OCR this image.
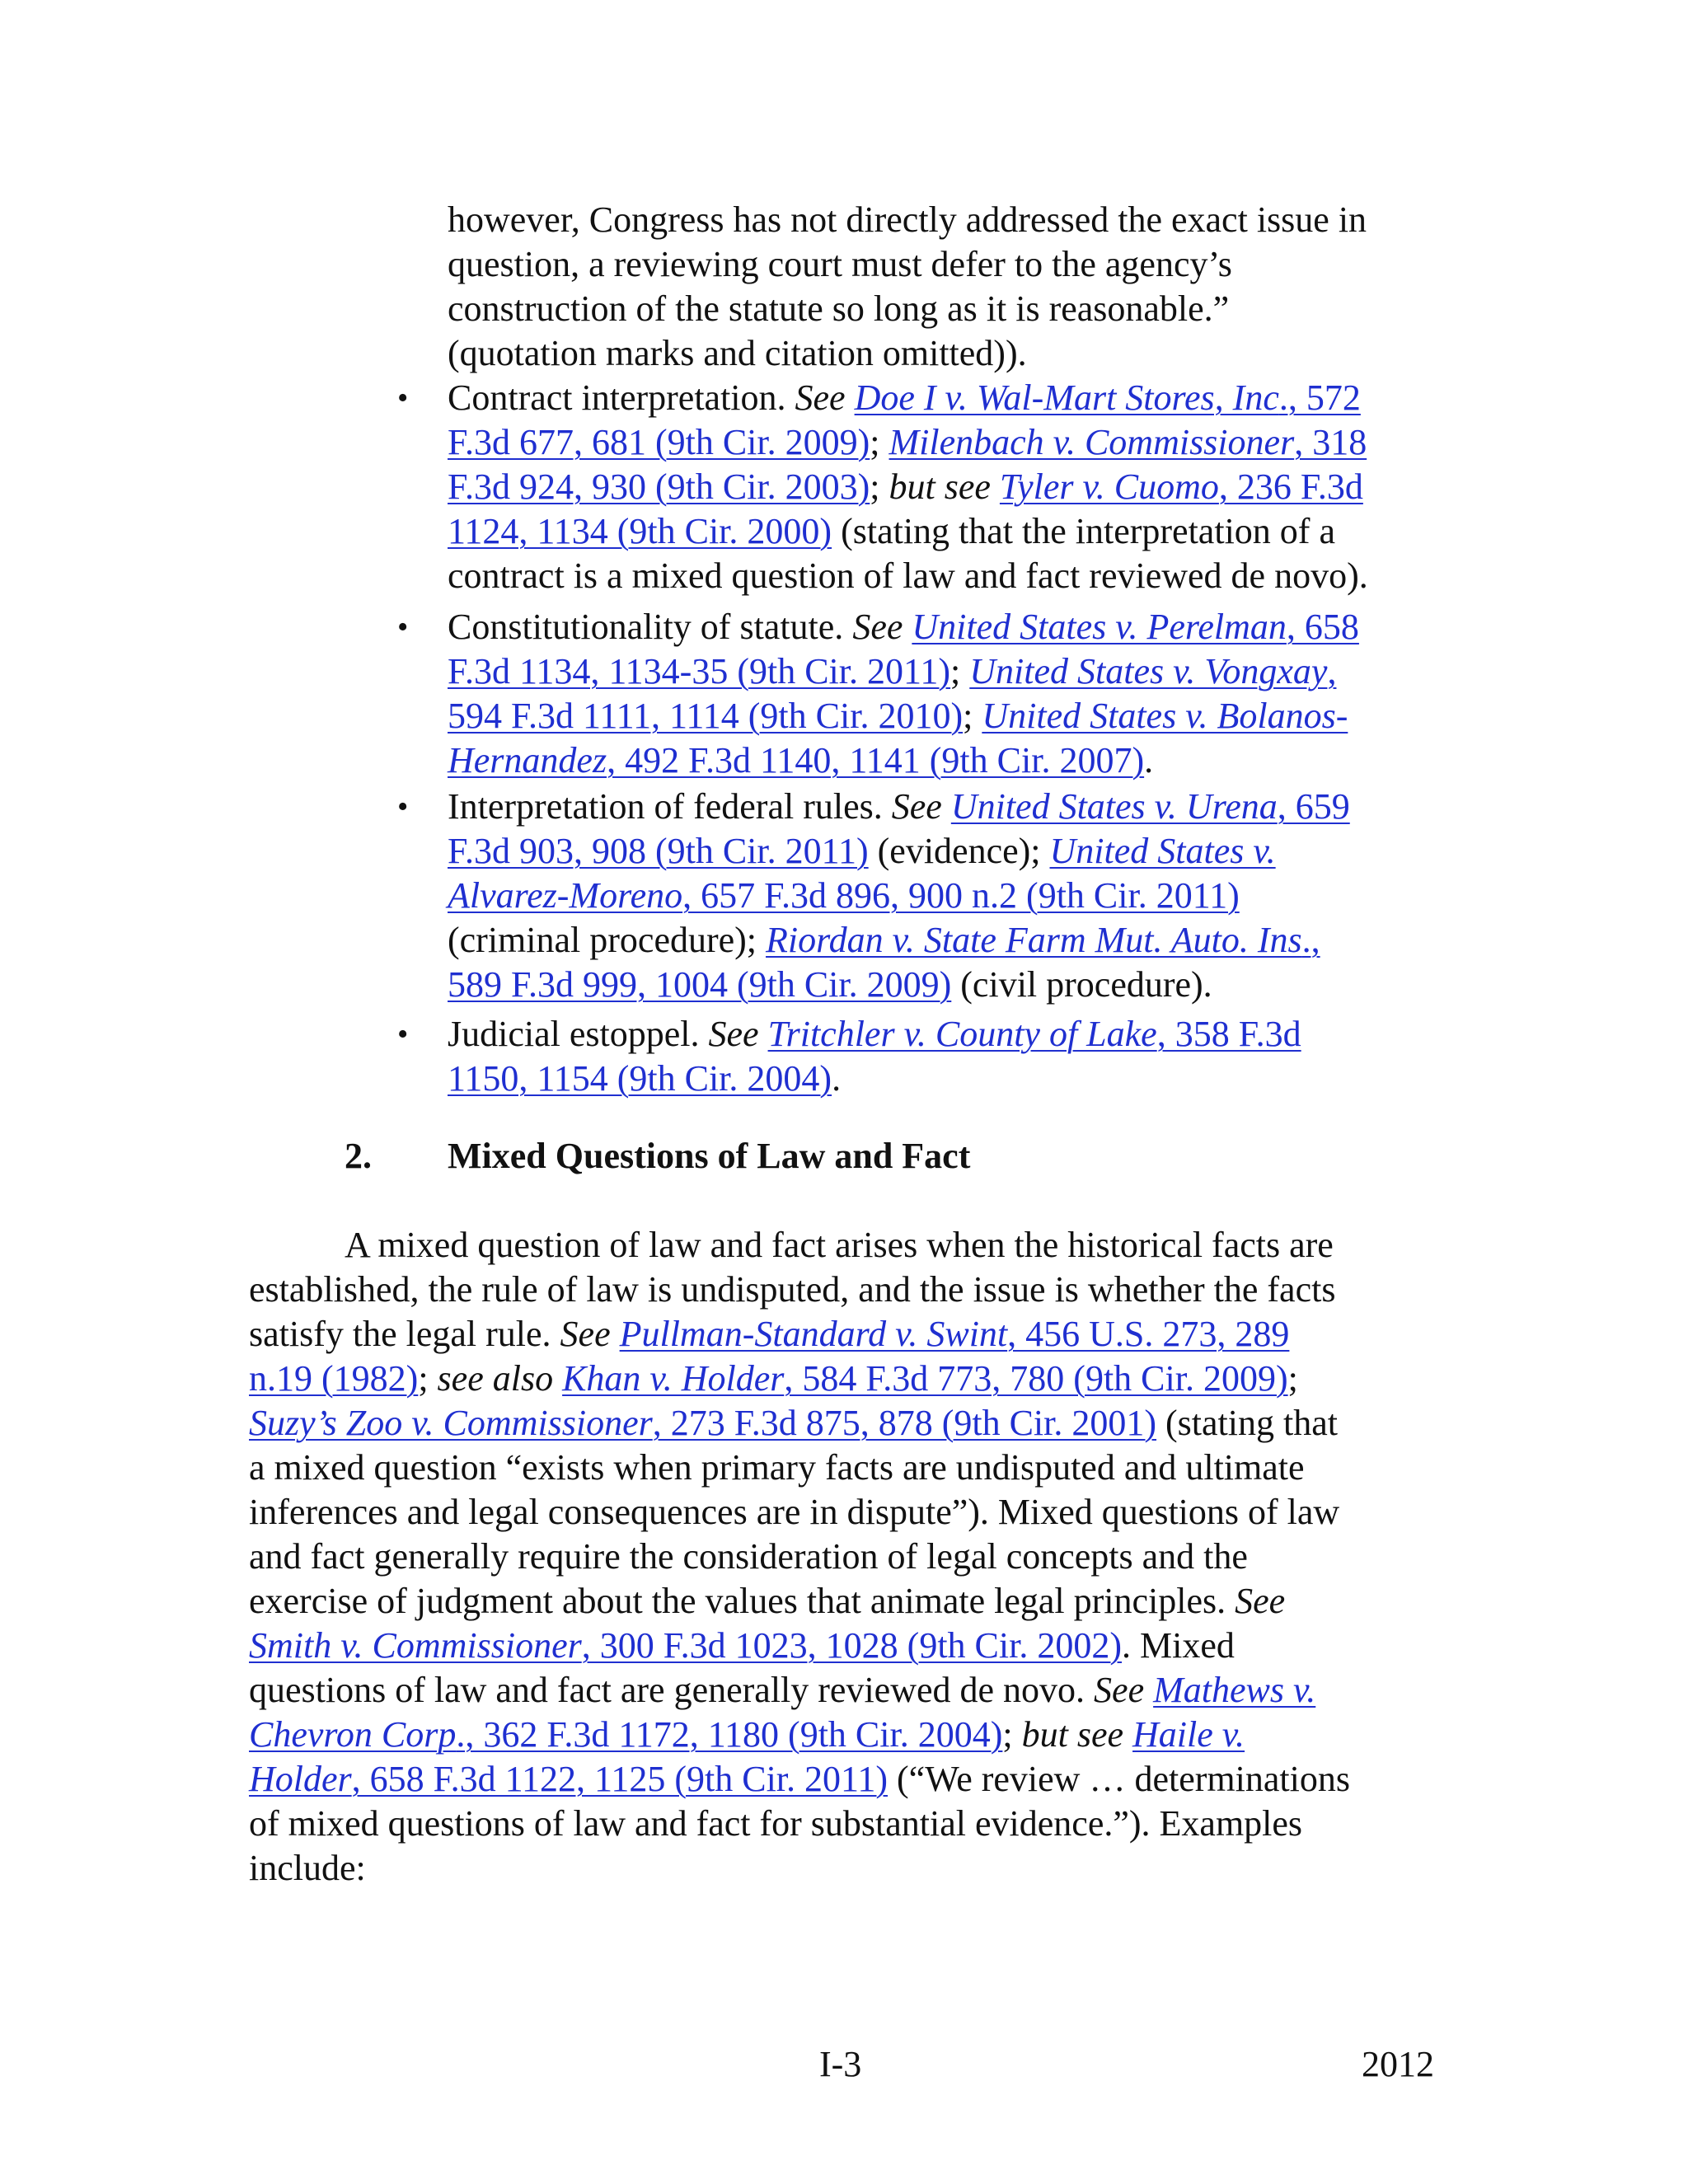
however, Congress has not directly addressed the exact issue in
question, a reviewing court must defer to the agency’s
construction of the statute so long as it is reasonable.”
(quotation marks and citation omitted)).
• Contract interpretation. See Doe I v. Wal-Mart Stores, Inc., 572
F.3d 677, 681 (9th Cir. 2009); Milenbach v. Commissioner, 318
F.3d 924, 930 (9th Cir. 2003); but see Tyler v. Cuomo, 236 F.3d
1124, 1134 (9th Cir. 2000) (stating that the interpretation of a
contract is a mixed question of law and fact reviewed de novo).
• Constitutionality of statute. See United States v. Perelman, 658
F.3d 1134, 1134-35 (9th Cir. 2011); United States v. Vongxay,
594 F.3d 1111, 1114 (9th Cir. 2010); United States v. Bolanos-
Hernandez, 492 F.3d 1140, 1141 (9th Cir. 2007).
• Interpretation of federal rules. See United States v. Urena, 659
F.3d 903, 908 (9th Cir. 2011) (evidence); United States v.
Alvarez-Moreno, 657 F.3d 896, 900 n.2 (9th Cir. 2011)
(criminal procedure); Riordan v. State Farm Mut. Auto. Ins.,
589 F.3d 999, 1004 (9th Cir. 2009) (civil procedure).
• Judicial estoppel. See Tritchler v. County of Lake, 358 F.3d
1150, 1154 (9th Cir. 2004).
2. Mixed Questions of Law and Fact
A mixed question of law and fact arises when the historical facts are
established, the rule of law is undisputed, and the issue is whether the facts
satisfy the legal rule. See Pullman-Standard v. Swint, 456 U.S. 273, 289
n.19 (1982); see also Khan v. Holder, 584 F.3d 773, 780 (9th Cir. 2009);
Suzy’s Zoo v. Commissioner, 273 F.3d 875, 878 (9th Cir. 2001) (stating that
a mixed question “exists when primary facts are undisputed and ultimate
inferences and legal consequences are in dispute”). Mixed questions of law
and fact generally require the consideration of legal concepts and the
exercise of judgment about the values that animate legal principles. See
Smith v. Commissioner, 300 F.3d 1023, 1028 (9th Cir. 2002). Mixed
questions of law and fact are generally reviewed de novo. See Mathews v.
Chevron Corp., 362 F.3d 1172, 1180 (9th Cir. 2004); but see Haile v.
Holder, 658 F.3d 1122, 1125 (9th Cir. 2011) (“We review … determinations
of mixed questions of law and fact for substantial evidence.”). Examples
include:
I-3	2012
